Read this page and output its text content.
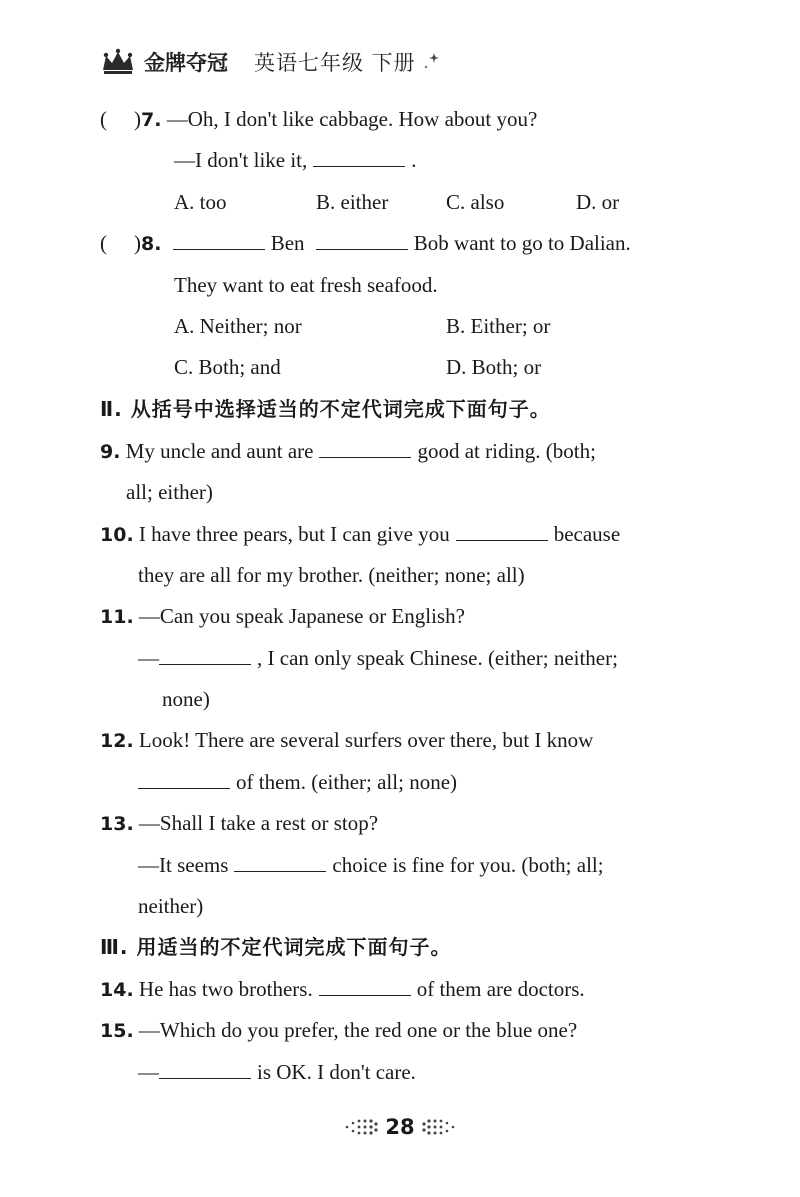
金牌夺冠 英语七年级 下册
( )7. —Oh, I don't like cabbage. How about you?
—I don't like it,	.
A. too	B. either	C. also	D. or
( )8.	Ben	Bob want to go to Dalian.
They want to eat fresh seafood.
A. Neither; nor	B. Either; or
C. Both; and	D. Both; or
Ⅱ. 从括号中选择适当的不定代词完成下面句子。
9. My uncle and aunt are	good at riding. (both;
all; either)
10. I have three pears, but I can give you	because
they are all for my brother. (neither; none; all)
11. —Can you speak Japanese or English?
—	, I can only speak Chinese. (either; neither;
none)
12. Look! There are several surfers over there, but I know
of them. (either; all; none)
13. —Shall I take a rest or stop?
—It seems	choice is fine for you. (both; all;
neither)
Ⅲ. 用适当的不定代词完成下面句子。
14. He has two brothers.	of them are doctors.
15. —Which do you prefer, the red one or the blue one?
—	is OK. I don't care.
28
